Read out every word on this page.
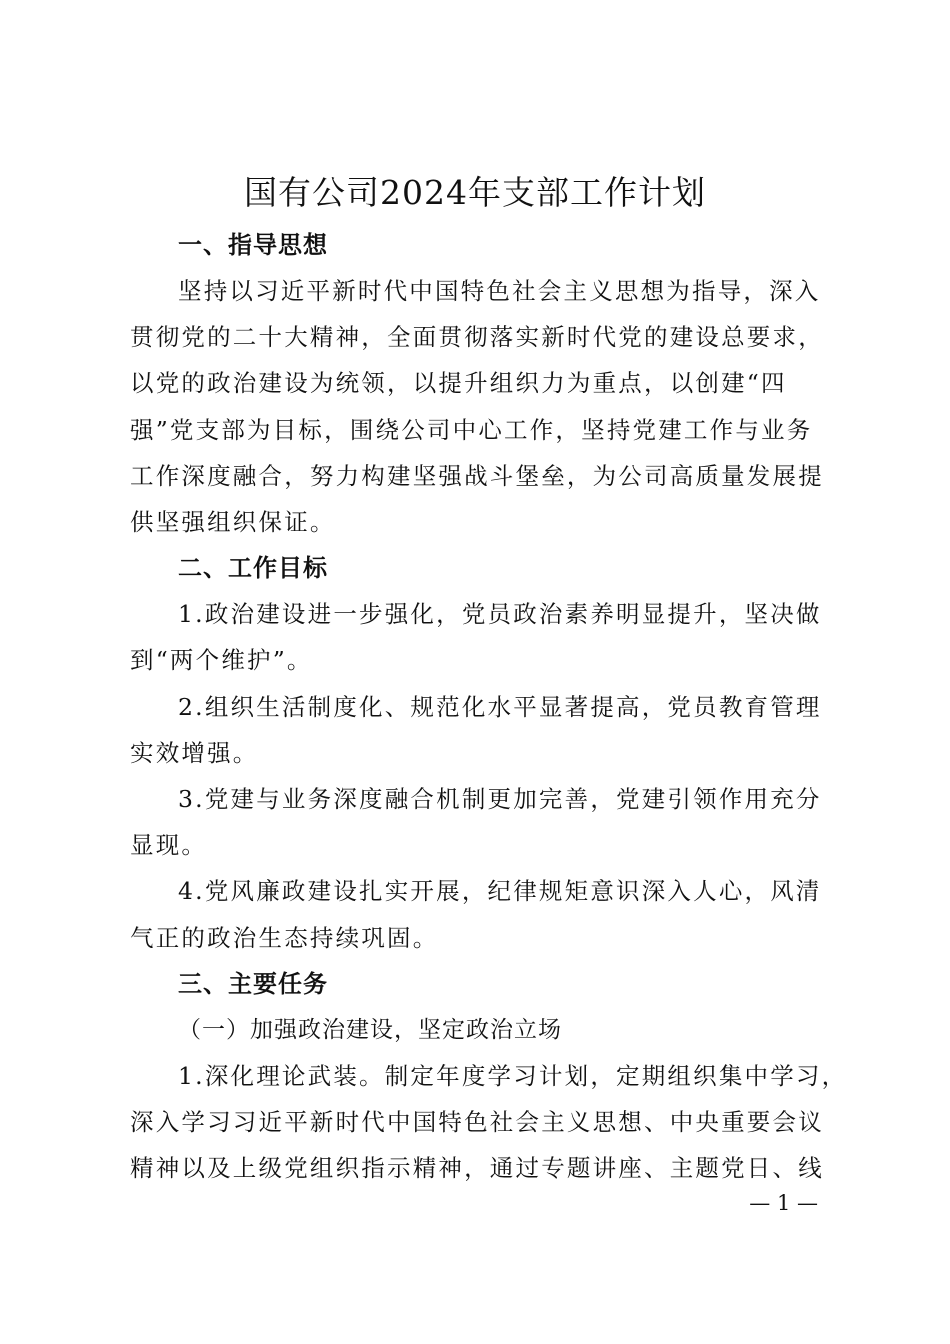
国有公司2024年支部工作计划
一、指导思想
坚持以习近平新时代中国特色社会主义思想为指导，深入
贯彻党的二十大精神，全面贯彻落实新时代党的建设总要求，
以党的政治建设为统领，以提升组织力为重点，以创建“四
强”党支部为目标，围绕公司中心工作，坚持党建工作与业务
工作深度融合，努力构建坚强战斗堡垒，为公司高质量发展提
供坚强组织保证。
二、工作目标
1.政治建设进一步强化，党员政治素养明显提升，坚决做
到“两个维护”。
2.组织生活制度化、规范化水平显著提高，党员教育管理
实效增强。
3.党建与业务深度融合机制更加完善，党建引领作用充分
显现。
4.党风廉政建设扎实开展，纪律规矩意识深入人心，风清
气正的政治生态持续巩固。
三、主要任务
（一）加强政治建设，坚定政治立场
1.深化理论武装。制定年度学习计划，定期组织集中学习，
深入学习习近平新时代中国特色社会主义思想、中央重要会议
精神以及上级党组织指示精神，通过专题讲座、主题党日、线
— 1 —
